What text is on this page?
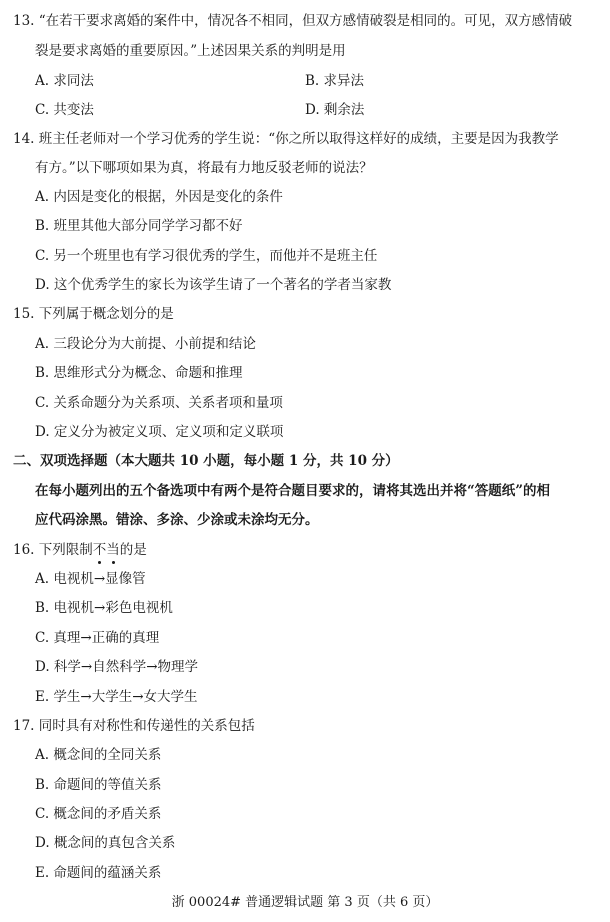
13. “在若干要求离婚的案件中，情况各不相同，但双方感情破裂是相同的。可见，双方感情破
裂是要求离婚的重要原因。”上述因果关系的判明是用
A. 求同法	B. 求异法
C. 共变法	D. 剩余法
14. 班主任老师对一个学习优秀的学生说：“你之所以取得这样好的成绩，主要是因为我教学
有方。”以下哪项如果为真，将最有力地反驳老师的说法？
A. 内因是变化的根据，外因是变化的条件
B. 班里其他大部分同学学习都不好
C. 另一个班里也有学习很优秀的学生，而他并不是班主任
D. 这个优秀学生的家长为该学生请了一个著名的学者当家教
15. 下列属于概念划分的是
A. 三段论分为大前提、小前提和结论
B. 思维形式分为概念、命题和推理
C. 关系命题分为关系项、关系者项和量项
D. 定义分为被定义项、定义项和定义联项
二、双项选择题（本大题共 10 小题，每小题 1 分，共 10 分）
在每小题列出的五个备选项中有两个是符合题目要求的，请将其选出并将“答题纸”的相
应代码涂黑。错涂、多涂、少涂或未涂均无分。
16. 下列限制不当
的是
A. 电视机→显像管
B. 电视机→彩色电视机
C. 真理→正确的真理
D. 科学→自然科学→物理学
E. 学生→大学生→女大学生
17. 同时具有对称性和传递性的关系包括
A. 概念间的全同关系
B. 命题间的等值关系
C. 概念间的矛盾关系
D. 概念间的真包含关系
E. 命题间的蕴涵关系
浙 00024# 普通逻辑试题 第 3 页（共 6 页）
